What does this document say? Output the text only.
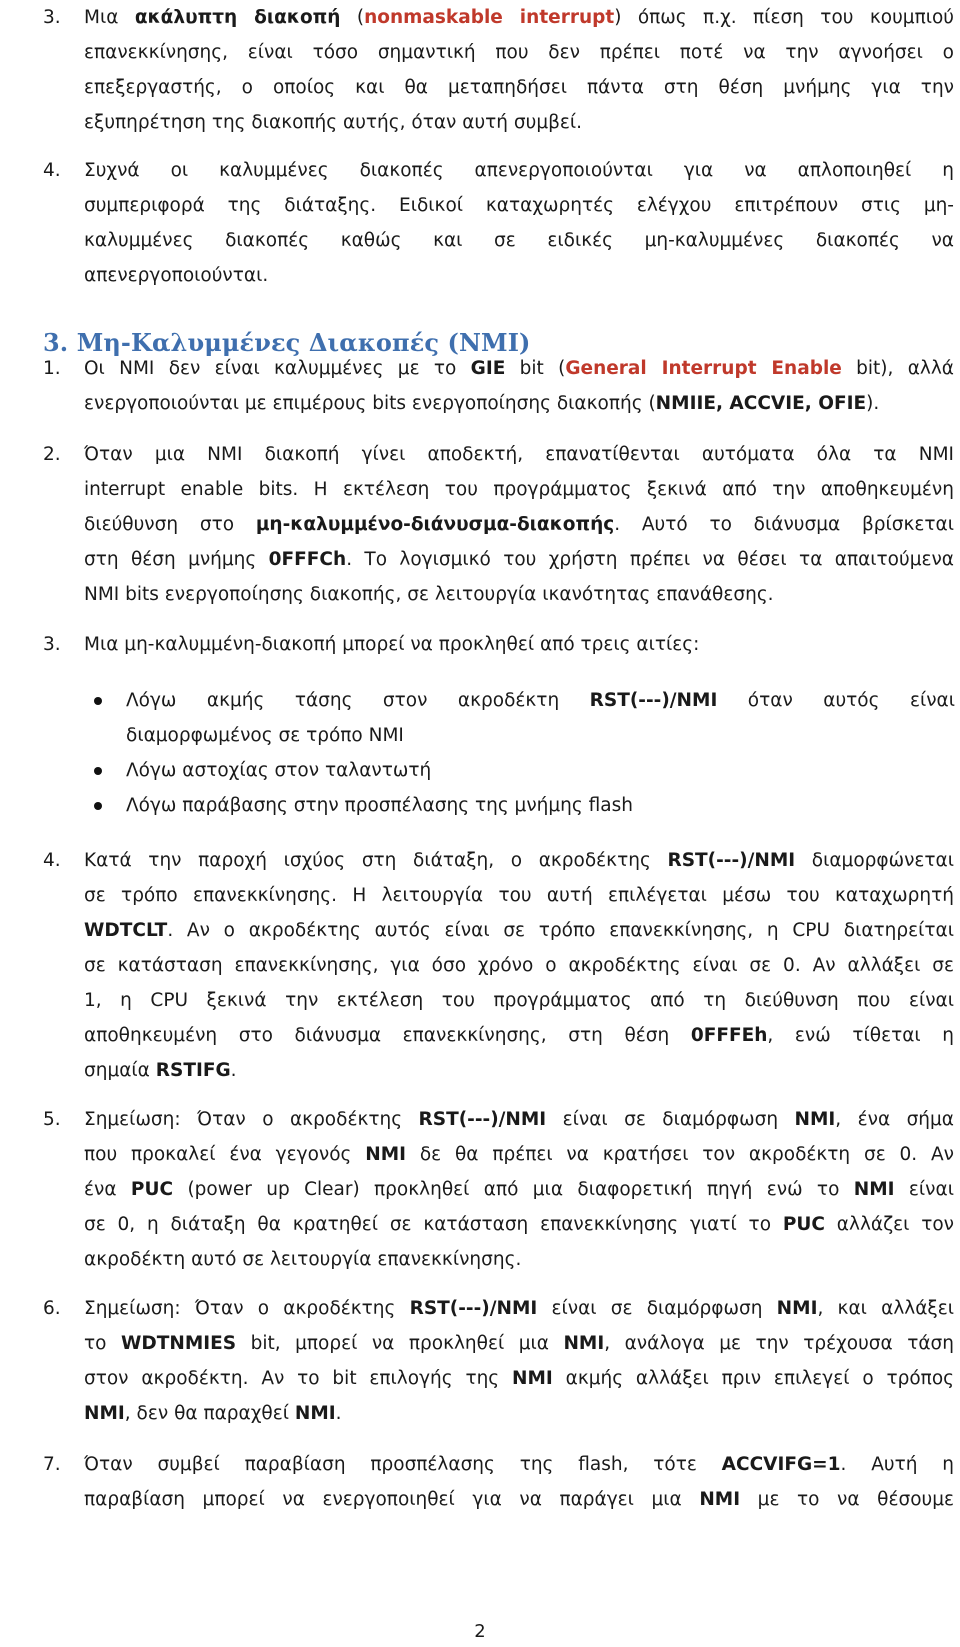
3.	Μια ακάλυπτη διακοπή (nonmaskable interrupt) όπως π.χ. πίεση του κουμπιού
επανεκκίνησης, είναι τόσο σημαντική που δεν πρέπει ποτέ να την αγνοήσει ο
επεξεργαστής, ο οποίος και θα μεταπηδήσει πάντα στη θέση μνήμης για την
εξυπηρέτηση της διακοπής αυτής, όταν αυτή συμβεί.
4.	Συχνά οι καλυμμένες διακοπές απενεργοποιούνται για να απλοποιηθεί η
συμπεριφορά της διάταξης. Ειδικοί καταχωρητές ελέγχου επιτρέπουν στις μη-
καλυμμένες διακοπές καθώς και σε ειδικές μη-καλυμμένες διακοπές να
απενεργοποιούνται.
3. Μη-Καλυμμένες Διακοπές (NMI)
1.	Οι NMI δεν είναι καλυμμένες με το GIE bit (General Interrupt Enable bit), αλλά
ενεργοποιούνται με επιμέρους bits ενεργοποίησης διακοπής (NMIIE, ACCVIE, OFIE).
2.	Όταν μια NMI διακοπή γίνει αποδεκτή, επανατίθενται αυτόματα όλα τα NMI
interrupt enable bits. Η εκτέλεση του προγράμματος ξεκινά από την αποθηκευμένη
διεύθυνση στο μη-καλυμμένο-διάνυσμα-διακοπής. Αυτό το διάνυσμα βρίσκεται
στη θέση μνήμης 0FFFCh. Το λογισμικό του χρήστη πρέπει να θέσει τα απαιτούμενα
NMI bits ενεργοποίησης διακοπής, σε λειτουργία ικανότητας επανάθεσης.
3.	Μια μη-καλυμμένη-διακοπή μπορεί να προκληθεί από τρεις αιτίες:
Λόγω ακμής τάσης στον ακροδέκτη RST(---)/NMI όταν αυτός είναι
διαμορφωμένος σε τρόπο NMI
Λόγω αστοχίας στον ταλαντωτή
Λόγω παράβασης στην προσπέλασης της μνήμης flash
4.	Κατά την παροχή ισχύος στη διάταξη, ο ακροδέκτης RST(---)/NMI διαμορφώνεται
σε τρόπο επανεκκίνησης. Η λειτουργία του αυτή επιλέγεται μέσω του καταχωρητή
WDTCLT. Αν ο ακροδέκτης αυτός είναι σε τρόπο επανεκκίνησης, η CPU διατηρείται
σε κατάσταση επανεκκίνησης, για όσο χρόνο ο ακροδέκτης είναι σε 0. Αν αλλάξει σε
1, η CPU ξεκινά την εκτέλεση του προγράμματος από τη διεύθυνση που είναι
αποθηκευμένη στο διάνυσμα επανεκκίνησης, στη θέση 0FFFEh, ενώ τίθεται η
σημαία RSTIFG.
5.	Σημείωση: Όταν ο ακροδέκτης RST(---)/NMI είναι σε διαμόρφωση NMI, ένα σήμα
που προκαλεί ένα γεγονός NMI δε θα πρέπει να κρατήσει τον ακροδέκτη σε 0. Αν
ένα PUC (power up Clear) προκληθεί από μια διαφορετική πηγή ενώ το NMI είναι
σε 0, η διάταξη θα κρατηθεί σε κατάσταση επανεκκίνησης γιατί το PUC αλλάζει τον
ακροδέκτη αυτό σε λειτουργία επανεκκίνησης.
6.	Σημείωση: Όταν ο ακροδέκτης RST(---)/NMI είναι σε διαμόρφωση NMI, και αλλάξει
το WDTNMIES bit, μπορεί να προκληθεί μια NMI, ανάλογα με την τρέχουσα τάση
στον ακροδέκτη. Αν το bit επιλογής της NMI ακμής αλλάξει πριν επιλεγεί ο τρόπος
NMI, δεν θα παραχθεί NMI.
7.	Όταν συμβεί παραβίαση προσπέλασης της flash, τότε ACCVIFG=1. Αυτή η
παραβίαση μπορεί να ενεργοποιηθεί για να παράγει μια NMI με το να θέσουμε
2
